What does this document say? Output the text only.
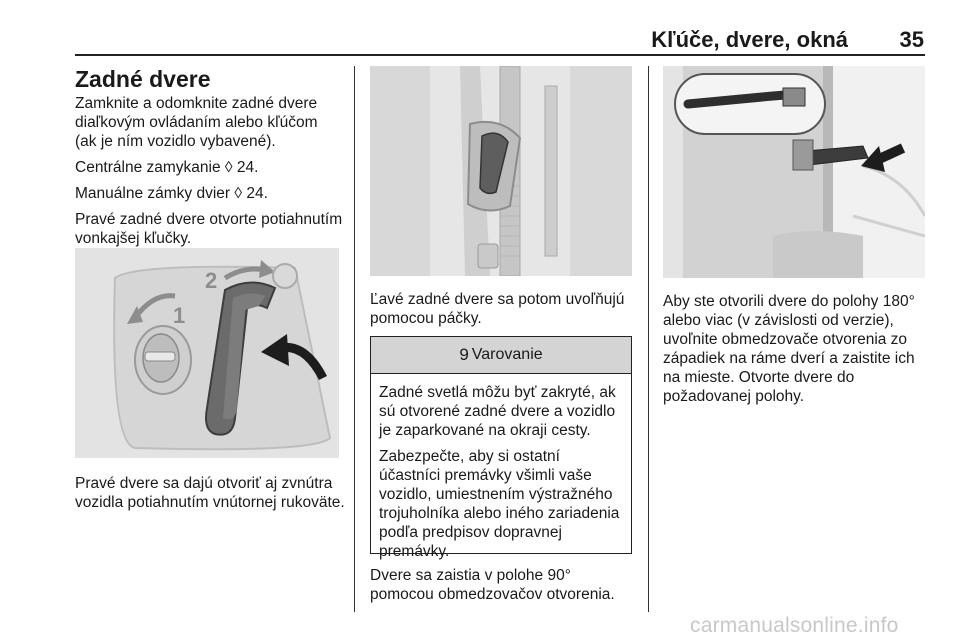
Kľúče, dvere, okná	35
Zadné dvere

Zamknite a odomknite zadné dvere diaľkovým ovládaním alebo kľúčom (ak je ním vozidlo vybavené).

Centrálne zamykanie ◊ 24.

Manuálne zámky dvier ◊ 24.

Pravé zadné dvere otvorte potiahnutím vonkajšej kľučky.

1
2

Pravé dvere sa dajú otvoriť aj zvnútra vozidla potiahnutím vnútornej rukoväte.

Ľavé zadné dvere sa potom uvoľňujú pomocou páčky.

9 Varovanie

Zadné svetlá môžu byť zakryté, ak sú otvorené zadné dvere a vozidlo je zaparkované na okraji cesty.

Zabezpečte, aby si ostatní účastníci premávky všimli vaše vozidlo, umiestnením výstražného trojuholníka alebo iného zariadenia podľa predpisov dopravnej premávky.

Dvere sa zaistia v polohe 90° pomocou obmedzovačov otvorenia.

Aby ste otvorili dvere do polohy 180° alebo viac (v závislosti od verzie), uvoľnite obmedzovače otvorenia zo západiek na ráme dverí a zaistite ich na mieste. Otvorte dvere do požadovanej polohy.

carmanualsonline.info
